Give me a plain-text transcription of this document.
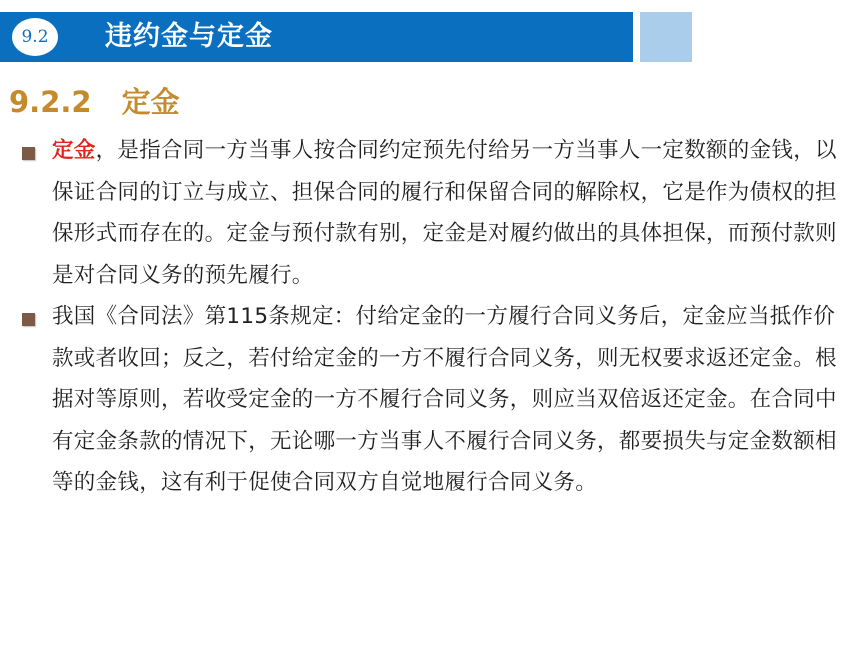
9.2	违约金与定金
9.2.2 定金
定金，是指合同一方当事人按合同约定预先付给另一方当事人一定数额的金钱，以保证合同的订立与成立、担保合同的履行和保留合同的解除权，它是作为债权的担保形式而存在的。定金与预付款有别，定金是对履约做出的具体担保，而预付款则是对合同义务的预先履行。
我国《合同法》第115条规定：付给定金的一方履行合同义务后，定金应当抵作价款或者收回；反之，若付给定金的一方不履行合同义务，则无权要求返还定金。根据对等原则，若收受定金的一方不履行合同义务，则应当双倍返还定金。在合同中有定金条款的情况下，无论哪一方当事人不履行合同义务，都要损失与定金数额相等的金钱，这有利于促使合同双方自觉地履行合同义务。
